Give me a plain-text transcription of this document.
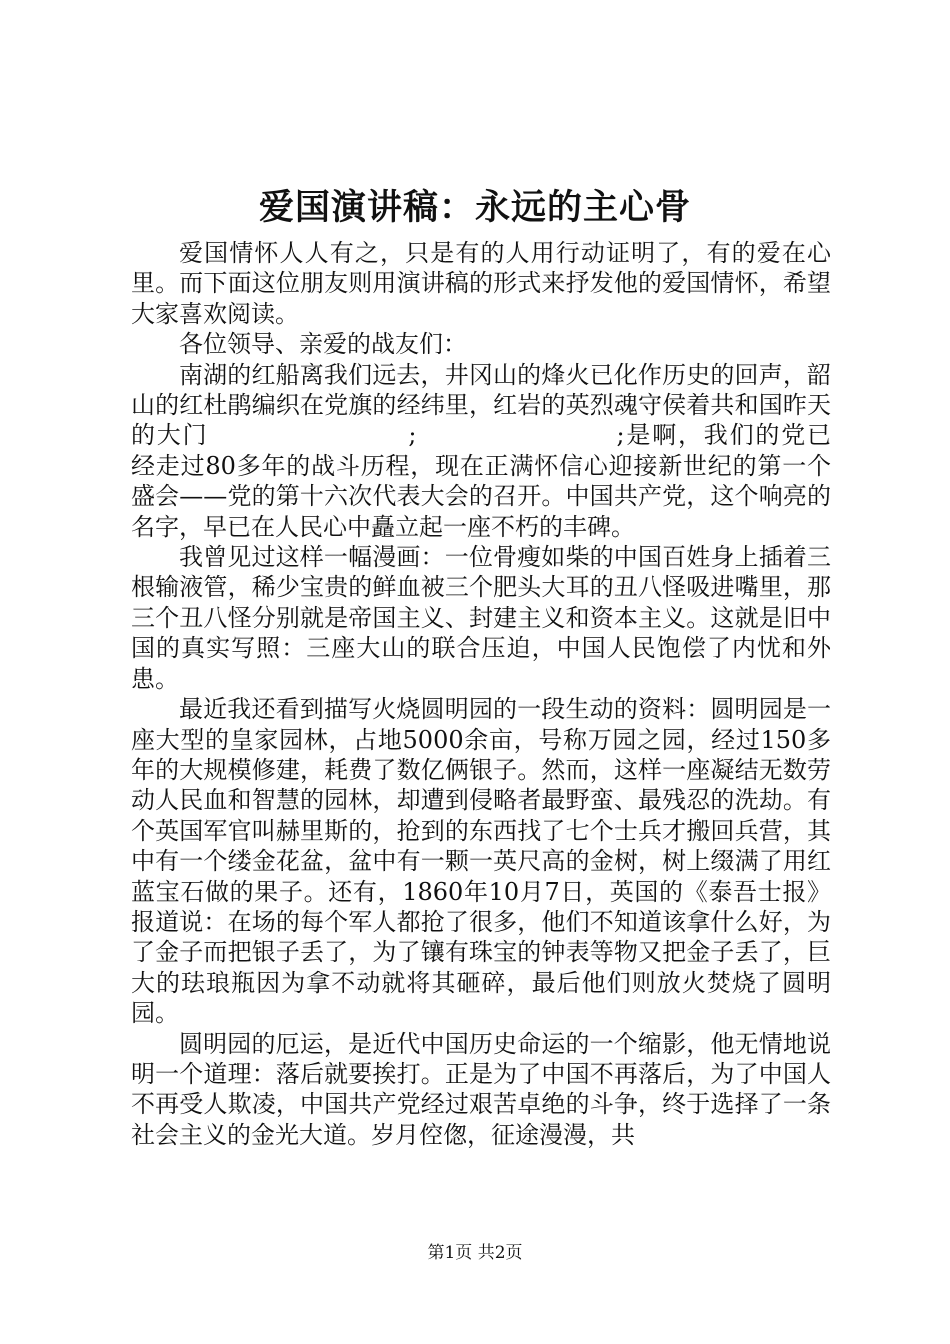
爱国演讲稿：永远的主心骨

爱国情怀人人有之，只是有的人用行动证明了，有的爱在心里。而下面这位朋友则用演讲稿的形式来抒发他的爱国情怀，希望大家喜欢阅读。

各位领导、亲爱的战友们：

南湖的红船离我们远去，井冈山的烽火已化作历史的回声，韶山的红杜鹃编织在党旗的经纬里，红岩的英烈魂守侯着共和国昨天的大门	;	;是啊，我们的党已经走过80多年的战斗历程，现在正满怀信心迎接新世纪的第一个盛会——党的第十六次代表大会的召开。中国共产党，这个响亮的名字，早已在人民心中矗立起一座不朽的丰碑。

我曾见过这样一幅漫画：一位骨瘦如柴的中国百姓身上插着三根输液管，稀少宝贵的鲜血被三个肥头大耳的丑八怪吸进嘴里，那三个丑八怪分别就是帝国主义、封建主义和资本主义。这就是旧中国的真实写照：三座大山的联合压迫，中国人民饱偿了内忧和外患。

最近我还看到描写火烧圆明园的一段生动的资料：圆明园是一座大型的皇家园林，占地5000余亩，号称万园之园，经过150多年的大规模修建，耗费了数亿俩银子。然而，这样一座凝结无数劳动人民血和智慧的园林，却遭到侵略者最野蛮、最残忍的洗劫。有个英国军官叫赫里斯的，抢到的东西找了七个士兵才搬回兵营，其中有一个缕金花盆，盆中有一颗一英尺高的金树，树上缀满了用红蓝宝石做的果子。还有，1860年10月7日，英国的《泰吾士报》报道说：在场的每个军人都抢了很多，他们不知道该拿什么好，为了金子而把银子丢了，为了镶有珠宝的钟表等物又把金子丢了，巨大的珐琅瓶因为拿不动就将其砸碎，最后他们则放火焚烧了圆明园。

圆明园的厄运，是近代中国历史命运的一个缩影，他无情地说明一个道理：落后就要挨打。正是为了中国不再落后，为了中国人不再受人欺凌，中国共产党经过艰苦卓绝的斗争，终于选择了一条社会主义的金光大道。岁月倥偬，征途漫漫，共

第1页 共2页
